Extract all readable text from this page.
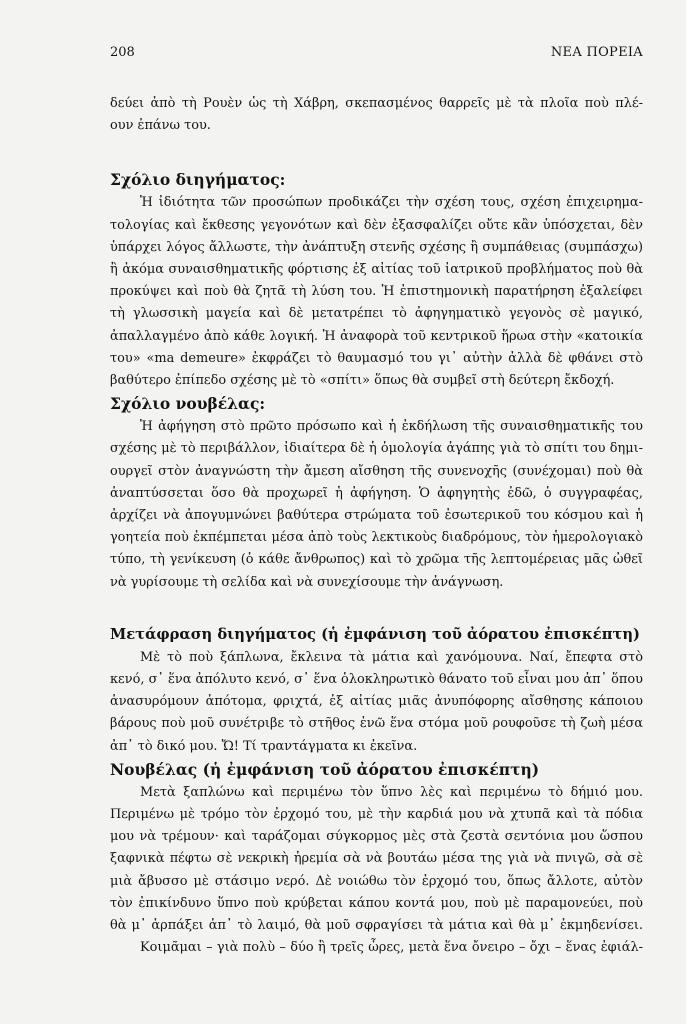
208	ΝΕΑ ΠΟΡΕΙΑ

δεύει ἀπὸ τὴ Ρουὲν ὡς τὴ Χάβρη, σκεπασμένος θαρρεῖς μὲ τὰ πλοῖα ποὺ πλέ-
ουν ἐπάνω του.

Σχόλιο διηγήματος:

Ἡ ἰδιότητα τῶν προσώπων προδικάζει τὴν σχέση τους, σχέση ἐπιχειρημα-
τολογίας καὶ ἔκθεσης γεγονότων καὶ δὲν ἐξασφαλίζει οὔτε κἂν ὑπόσχεται, δὲν
ὑπάρχει λόγος ἄλλωστε, τὴν ἀνάπτυξη στενῆς σχέσης ἢ συμπάθειας (συμπάσχω)
ἢ ἀκόμα συναισθηματικῆς φόρτισης ἐξ αἰτίας τοῦ ἰατρικοῦ προβλήματος ποὺ θὰ
προκύψει καὶ ποὺ θὰ ζητᾶ τὴ λύση του. Ἡ ἐπιστημονικὴ παρατήρηση ἐξαλείφει
τὴ γλωσσικὴ μαγεία καὶ δὲ μετατρέπει τὸ ἀφηγηματικὸ γεγονὸς σὲ μαγικό,
ἀπαλλαγμένο ἀπὸ κάθε λογική. Ἡ ἀναφορὰ τοῦ κεντρικοῦ ἥρωα στὴν «κατοικία
του» «ma demeure» ἐκφράζει τὸ θαυμασμό του γι᾽ αὐτὴν ἀλλὰ δὲ φθάνει στὸ
βαθύτερο ἐπίπεδο σχέσης μὲ τὸ «σπίτι» ὅπως θὰ συμβεῖ στὴ δεύτερη ἔκδοχή.

Σχόλιο νουβέλας:

Ἡ ἀφήγηση στὸ πρῶτο πρόσωπο καὶ ἡ ἐκδήλωση τῆς συναισθηματικῆς του
σχέσης μὲ τὸ περιβάλλον, ἰδιαίτερα δὲ ἡ ὁμολογία ἀγάπης γιὰ τὸ σπίτι του δημι-
ουργεῖ στὸν ἀναγνώστη τὴν ἄμεση αἴσθηση τῆς συνενοχῆς (συνέχομαι) ποὺ θὰ
ἀναπτύσσεται ὅσο θὰ προχωρεῖ ἡ ἀφήγηση. Ὁ ἀφηγητὴς ἐδῶ, ὁ συγγραφέας,
ἀρχίζει νὰ ἀπογυμνώνει βαθύτερα στρώματα τοῦ ἐσωτερικοῦ του κόσμου καὶ ἡ
γοητεία ποὺ ἐκπέμπεται μέσα ἀπὸ τοὺς λεκτικοὺς διαδρόμους, τὸν ἡμερολογιακὸ
τύπο, τὴ γενίκευση (ὁ κάθε ἄνθρωπος) καὶ τὸ χρῶμα τῆς λεπτομέρειας μᾶς ὠθεῖ
νὰ γυρίσουμε τὴ σελίδα καὶ νὰ συνεχίσουμε τὴν ἀνάγνωση.

Μετάφραση διηγήματος (ἡ ἐμφάνιση τοῦ ἀόρατου ἐπισκέπτη)

Μὲ τὸ ποὺ ξάπλωνα, ἔκλεινα τὰ μάτια καὶ χανόμουνα. Ναί, ἔπεφτα στὸ
κενό, σ᾽ ἕνα ἀπόλυτο κενό, σ᾽ ἕνα ὁλοκληρωτικὸ θάνατο τοῦ εἶναι μου ἀπ᾽ ὅπου
ἀνασυρόμουν ἀπότομα, φριχτά, ἐξ αἰτίας μιᾶς ἀνυπόφορης αἴσθησης κάποιου
βάρους ποὺ μοῦ συνέτριβε τὸ στῆθος ἐνῶ ἕνα στόμα μοῦ ρουφοῦσε τὴ ζωὴ μέσα
ἀπ᾽ τὸ δικό μου. Ὤ! Τί τραντάγματα κι ἐκεῖνα.

Νουβέλας (ἡ ἐμφάνιση τοῦ ἀόρατου ἐπισκέπτη)

Μετὰ ξαπλώνω καὶ περιμένω τὸν ὕπνο λὲς καὶ περιμένω τὸ δήμιό μου.
Περιμένω μὲ τρόμο τὸν ἐρχομό του, μὲ τὴν καρδιά μου νὰ χτυπᾶ καὶ τὰ πόδια
μου νὰ τρέμουν· καὶ ταράζομαι σύγκορμος μὲς στὰ ζεστὰ σεντόνια μου ὥσπου
ξαφνικὰ πέφτω σὲ νεκρικὴ ἠρεμία σὰ νὰ βουτάω μέσα της γιὰ νὰ πνιγῶ, σὰ σὲ
μιὰ ἄβυσσο μὲ στάσιμο νερό. Δὲ νοιώθω τὸν ἐρχομό του, ὅπως ἄλλοτε, αὐτὸν
τὸν ἐπικίνδυνο ὕπνο ποὺ κρύβεται κάπου κοντά μου, ποὺ μὲ παραμονεύει, ποὺ
θὰ μ᾽ ἁρπάξει ἀπ᾽ τὸ λαιμό, θὰ μοῦ σφραγίσει τὰ μάτια καὶ θὰ μ᾽ ἐκμηδενίσει.
Κοιμᾶμαι – γιὰ πολὺ – δύο ἢ τρεῖς ὧρες, μετὰ ἕνα ὄνειρο – ὄχι – ἕνας ἐφιάλ-
